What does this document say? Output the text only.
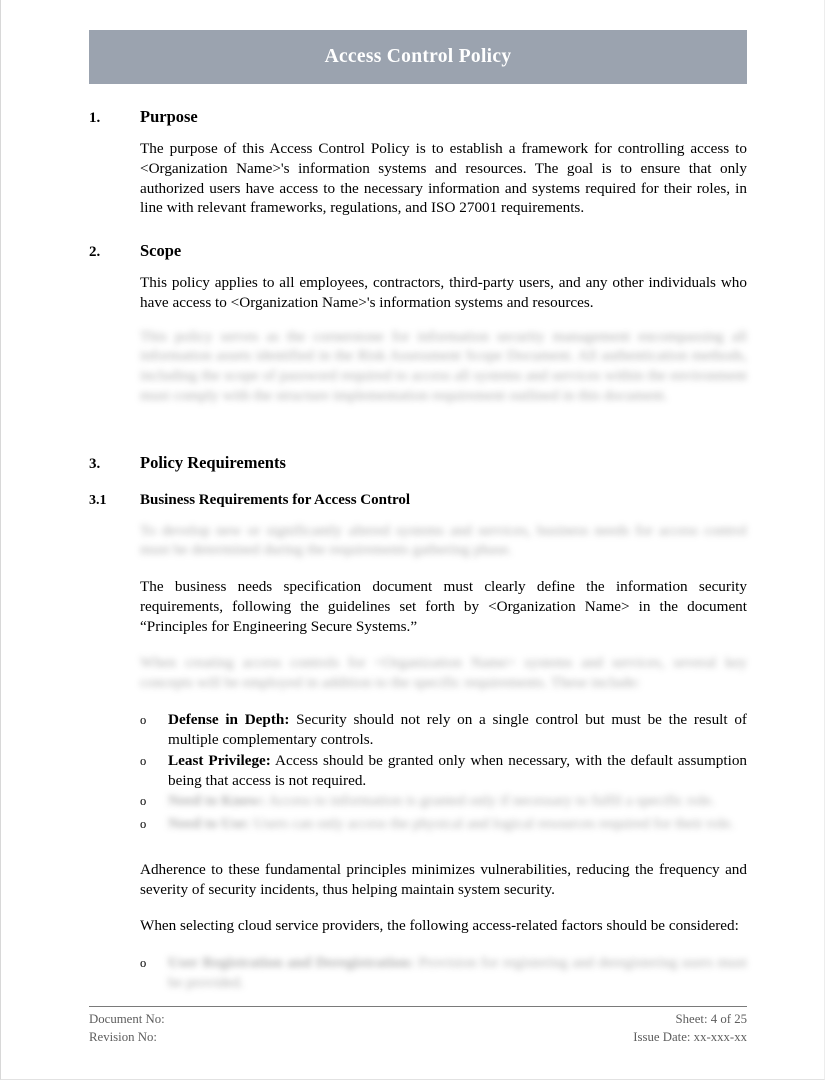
Access Control Policy
1.	Purpose

The purpose of this Access Control Policy is to establish a framework for controlling access to <Organization Name>'s information systems and resources. The goal is to ensure that only authorized users have access to the necessary information and systems required for their roles, in line with relevant frameworks, regulations, and ISO 27001 requirements.

2.	Scope

This policy applies to all employees, contractors, third-party users, and any other individuals who have access to <Organization Name>'s information systems and resources.

This policy serves as the cornerstone for information security management encompassing all information assets identified in the Risk Assessment Scope Document. All authentication methods, including the scope of password required to access all systems and services within the environment must comply with the structure implementation requirement outlined in this document.

3.	Policy Requirements
3.1	Business Requirements for Access Control

To develop new or significantly altered systems and services, business needs for access control must be determined during the requirements gathering phase.

The business needs specification document must clearly define the information security requirements, following the guidelines set forth by <Organization Name> in the document “Principles for Engineering Secure Systems.”

When creating access controls for <Organization Name> systems and services, several key concepts will be employed in addition to the specific requirements. These include:

o	Defense in Depth: Security should not rely on a single control but must be the result of multiple complementary controls.
o	Least Privilege: Access should be granted only when necessary, with the default assumption being that access is not required.
o	Need to Know: Access to information is granted only if necessary to fulfil a specific role.
o	Need to Use: Users can only access the physical and logical resources required for their role.

Adherence to these fundamental principles minimizes vulnerabilities, reducing the frequency and severity of security incidents, thus helping maintain system security.

When selecting cloud service providers, the following access-related factors should be considered:

o	User Registration and Deregistration: Provision for registering and deregistering users must be provided.
Document No:	Sheet: 4 of 25
Revision No:	Issue Date: xx-xxx-xx
